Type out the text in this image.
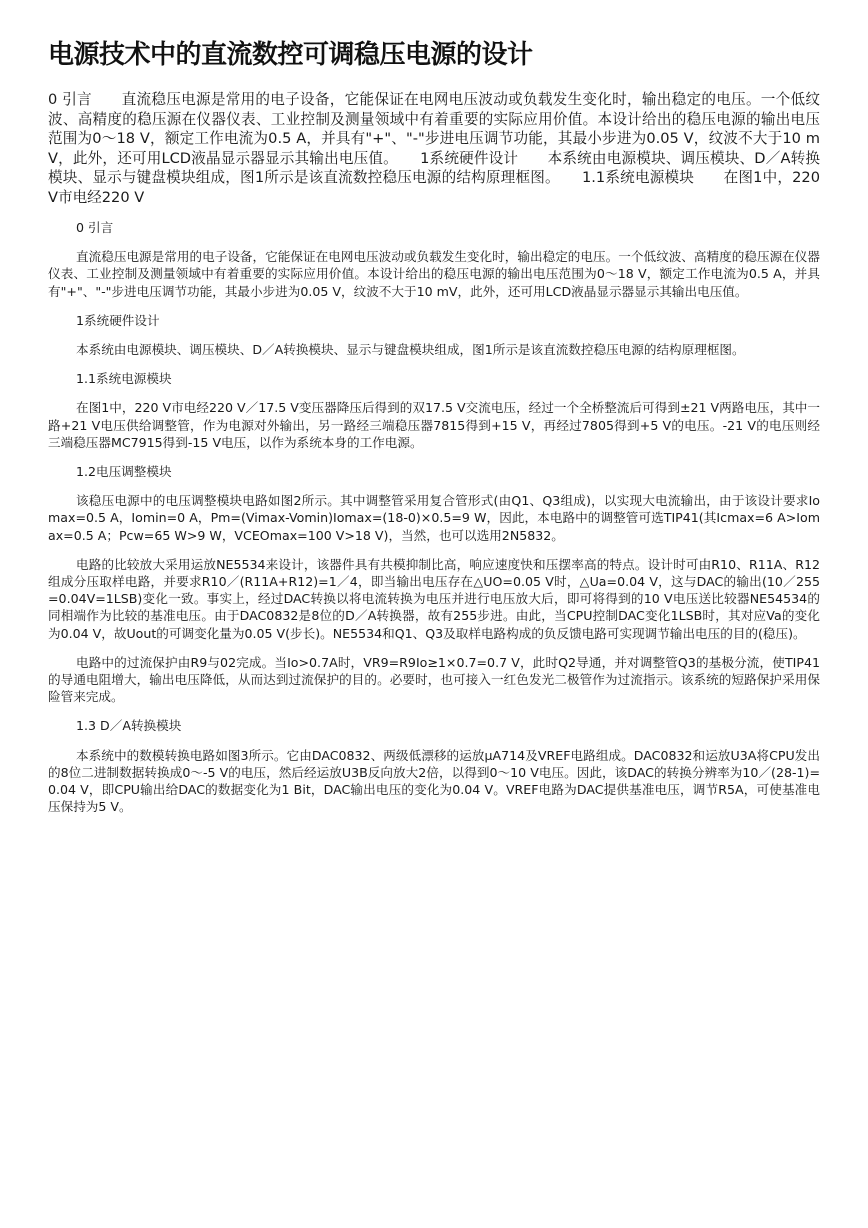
电源技术中的直流数控可调稳压电源的设计
0 引言　　直流稳压电源是常用的电子设备，它能保证在电网电压波动或负载发生变化时，输出稳定的电压。一个低纹波、高精度的稳压源在仪器仪表、工业控制及测量领域中有着重要的实际应用价值。本设计给出的稳压电源的输出电压范围为0～18 V，额定工作电流为0.5 A，并具有"+"、"-"步进电压调节功能，其最小步进为0.05 V，纹波不大于10 mV，此外，还可用LCD液晶显示器显示其输出电压值。　　1系统硬件设计　　本系统由电源模块、调压模块、D／A转换模块、显示与键盘模块组成，图1所示是该直流数控稳压电源的结构原理框图。　　1.1系统电源模块　　在图1中，220 V市电经220 V

0 引言

直流稳压电源是常用的电子设备，它能保证在电网电压波动或负载发生变化时，输出稳定的电压。一个低纹波、高精度的稳压源在仪器仪表、工业控制及测量领域中有着重要的实际应用价值。本设计给出的稳压电源的输出电压范围为0～18 V，额定工作电流为0.5 A，并具有"+"、"-"步进电压调节功能，其最小步进为0.05 V，纹波不大于10 mV，此外，还可用LCD液晶显示器显示其输出电压值。

1系统硬件设计

本系统由电源模块、调压模块、D／A转换模块、显示与键盘模块组成，图1所示是该直流数控稳压电源的结构原理框图。

1.1系统电源模块

在图1中，220 V市电经220 V／17.5 V变压器降压后得到的双17.5 V交流电压，经过一个全桥整流后可得到±21 V两路电压，其中一路+21 V电压供给调整管，作为电源对外输出，另一路经三端稳压器7815得到+15 V，再经过7805得到+5 V的电压。-21 V的电压则经三端稳压器MC7915得到-15 V电压，以作为系统本身的工作电源。

1.2电压调整模块

该稳压电源中的电压调整模块电路如图2所示。其中调整管采用复合管形式(由Q1、Q3组成)，以实现大电流输出，由于该设计要求Iomax=0.5 A，Iomin=0 A，Pm=(Vimax-Vomin)Iomax=(18-0)×0.5=9 W，因此，本电路中的调整管可选TIP41(其Icmax=6 A>Iomax=0.5 A；Pcw=65 W>9 W，VCEOmax=100 V>18 V)，当然，也可以选用2N5832。

电路的比较放大采用运放NE5534来设计，该器件具有共模抑制比高，响应速度快和压摆率高的特点。设计时可由R10、R11A、R12组成分压取样电路，并要求R10／(R11A+R12)=1／4，即当输出电压存在△UO=0.05 V时，△Ua=0.04 V，这与DAC的输出(10／255=0.04V=1LSB)变化一致。事实上，经过DAC转换以将电流转换为电压并进行电压放大后，即可将得到的10 V电压送比较器NE54534的同相端作为比较的基准电压。由于DAC0832是8位的D／A转换器，故有255步进。由此，当CPU控制DAC变化1LSB时，其对应Va的变化为0.04 V，故Uout的可调变化量为0.05 V(步长)。NE5534和Q1、Q3及取样电路构成的负反馈电路可实现调节输出电压的目的(稳压)。

电路中的过流保护由R9与02完成。当Io>0.7A时，VR9=R9Io≥1×0.7=0.7 V，此时Q2导通，并对调整管Q3的基极分流，使TIP41的导通电阻增大，输出电压降低，从而达到过流保护的目的。必要时，也可接入一红色发光二极管作为过流指示。该系统的短路保护采用保险管来完成。

1.3 D／A转换模块

本系统中的数模转换电路如图3所示。它由DAC0832、两级低漂移的运放μA714及VREF电路组成。DAC0832和运放U3A将CPU发出的8位二进制数据转换成0～-5 V的电压，然后经运放U3B反向放大2倍，以得到0～10 V电压。因此，该DAC的转换分辨率为10／(28-1)=0.04 V，即CPU输出给DAC的数据变化为1 Bit，DAC输出电压的变化为0.04 V。VREF电路为DAC提供基准电压，调节R5A，可使基准电压保持为5 V。
